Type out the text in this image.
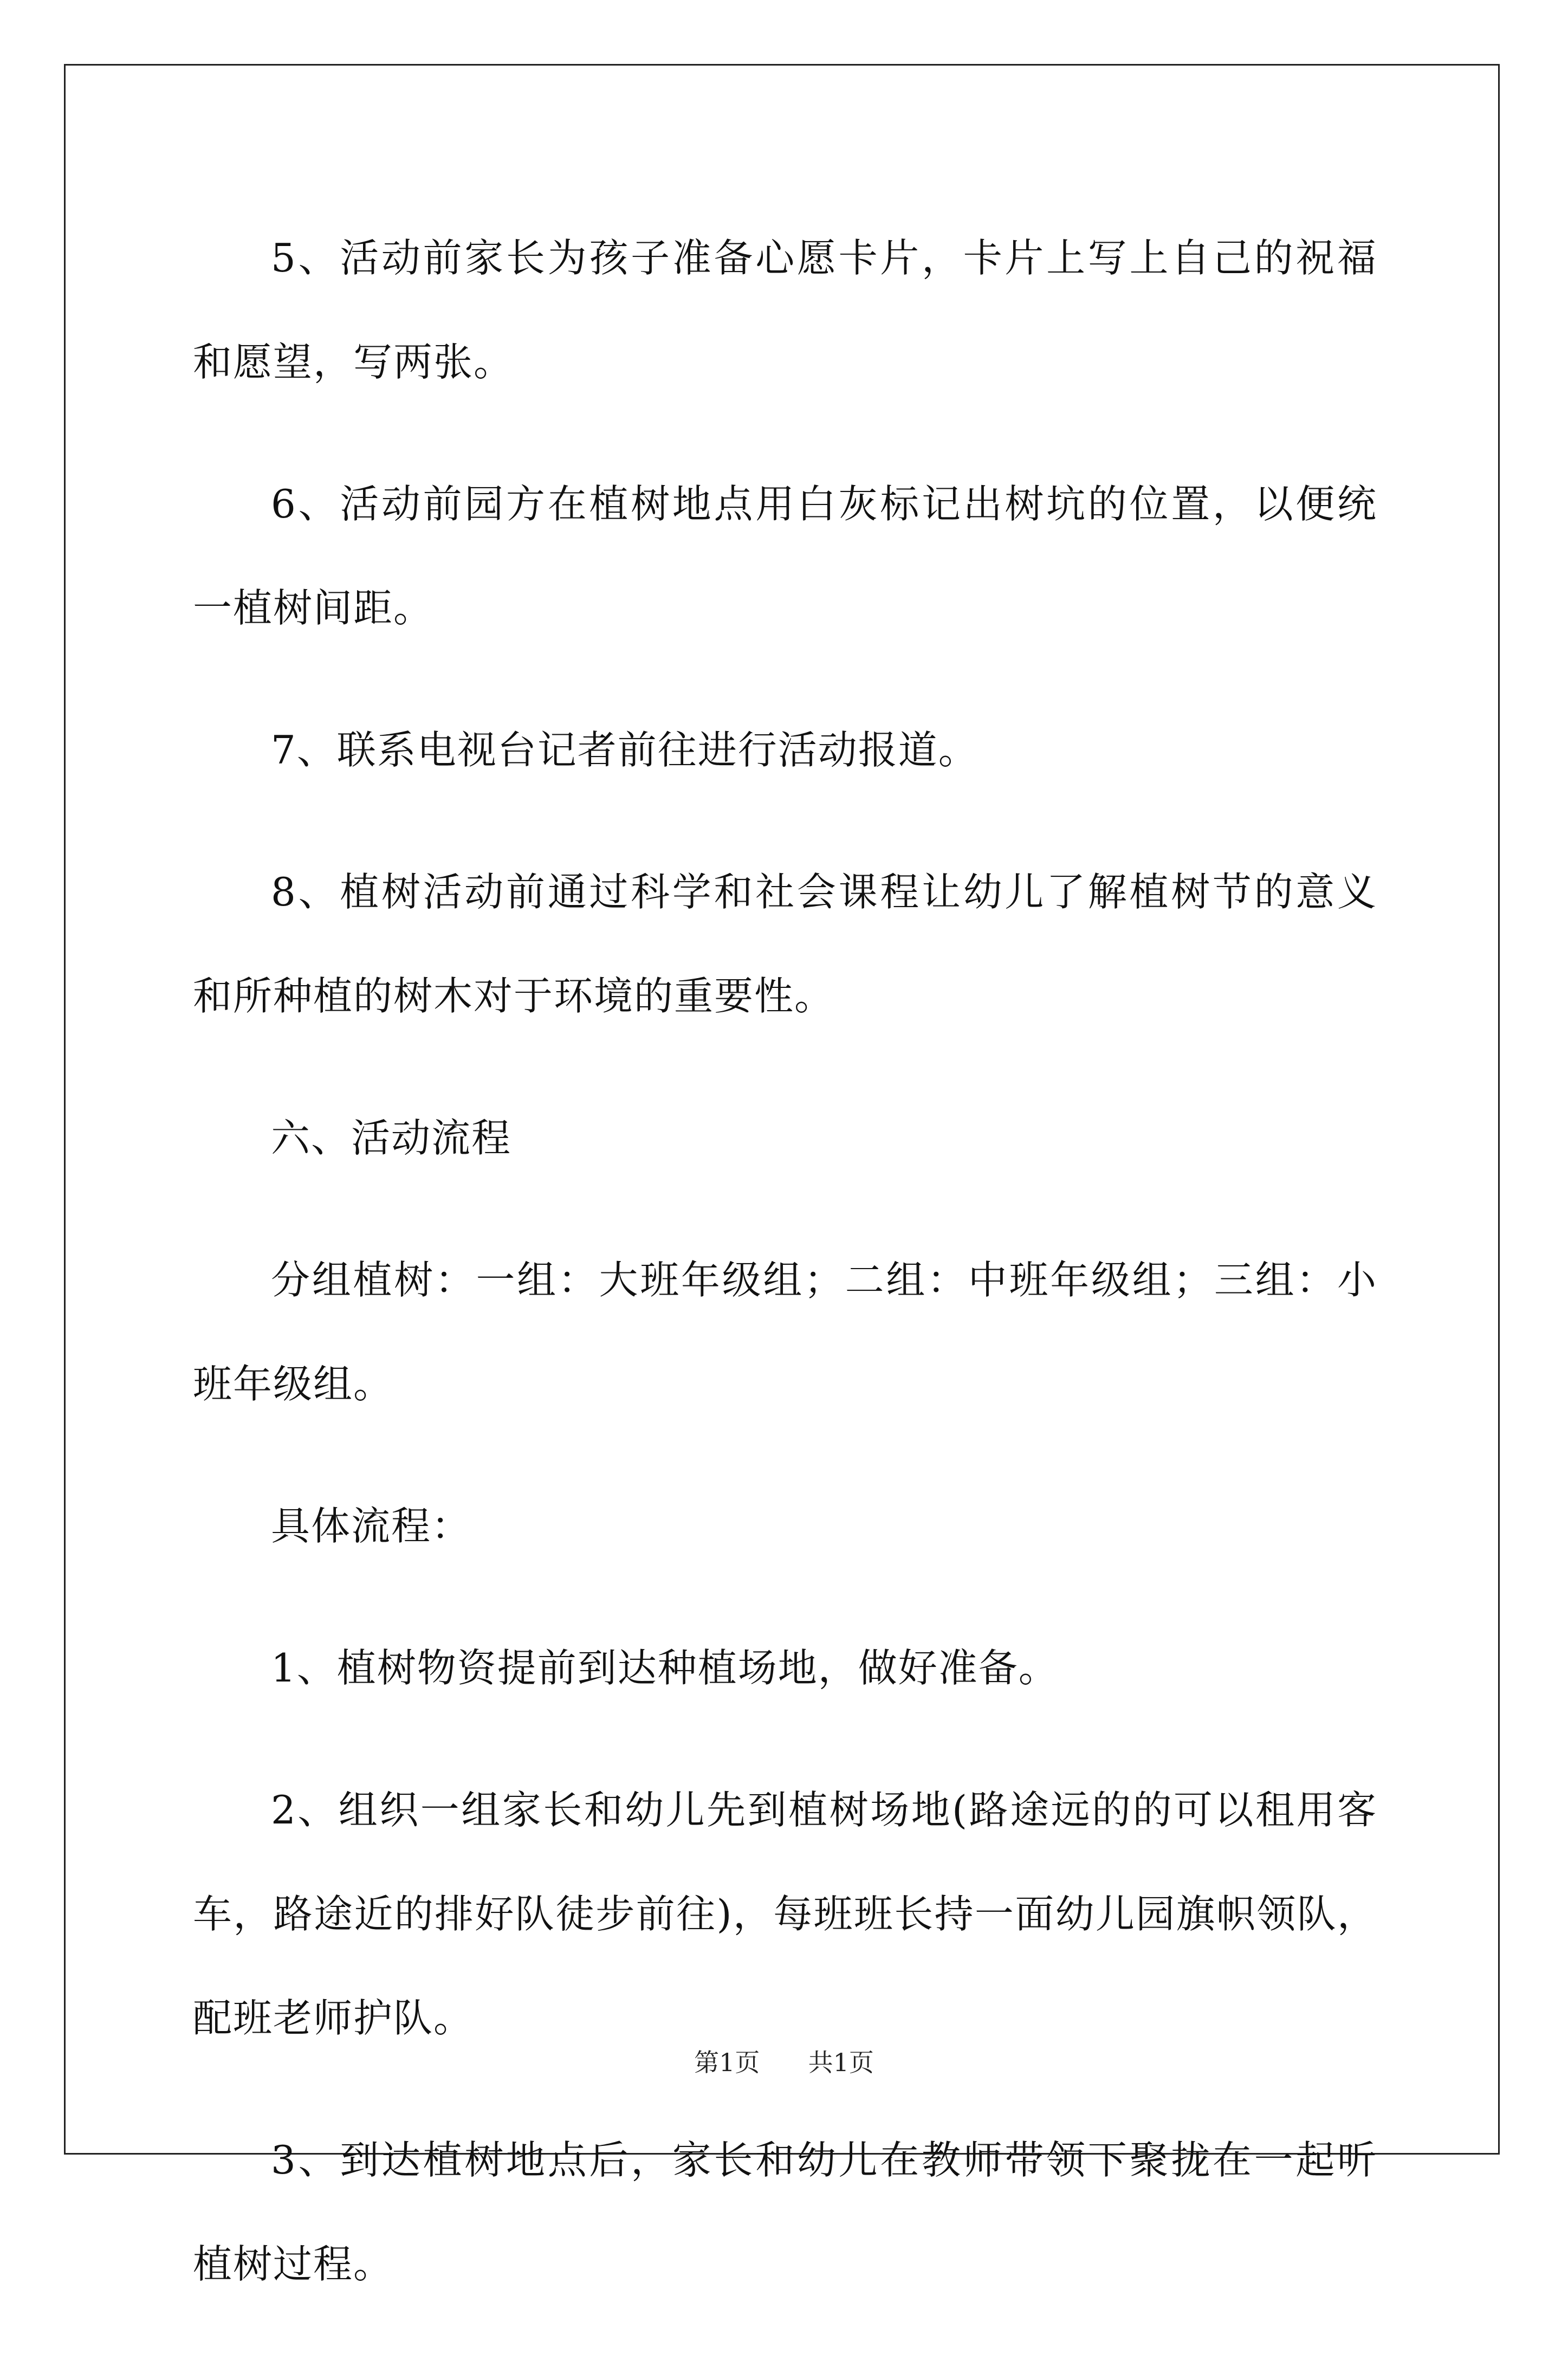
5、活动前家长为孩子准备心愿卡片，卡片上写上自己的祝福和愿望，写两张。

6、活动前园方在植树地点用白灰标记出树坑的位置，以便统一植树间距。

7、联系电视台记者前往进行活动报道。

8、植树活动前通过科学和社会课程让幼儿了解植树节的意义和所种植的树木对于环境的重要性。

六、活动流程

分组植树：一组：大班年级组；二组：中班年级组；三组：小班年级组。

具体流程：

1、植树物资提前到达种植场地，做好准备。

2、组织一组家长和幼儿先到植树场地(路途远的的可以租用客车，路途近的排好队徒步前往)，每班班长持一面幼儿园旗帜领队，配班老师护队。

3、到达植树地点后，家长和幼儿在教师带领下聚拢在一起听植树过程。

第1页 共1页
